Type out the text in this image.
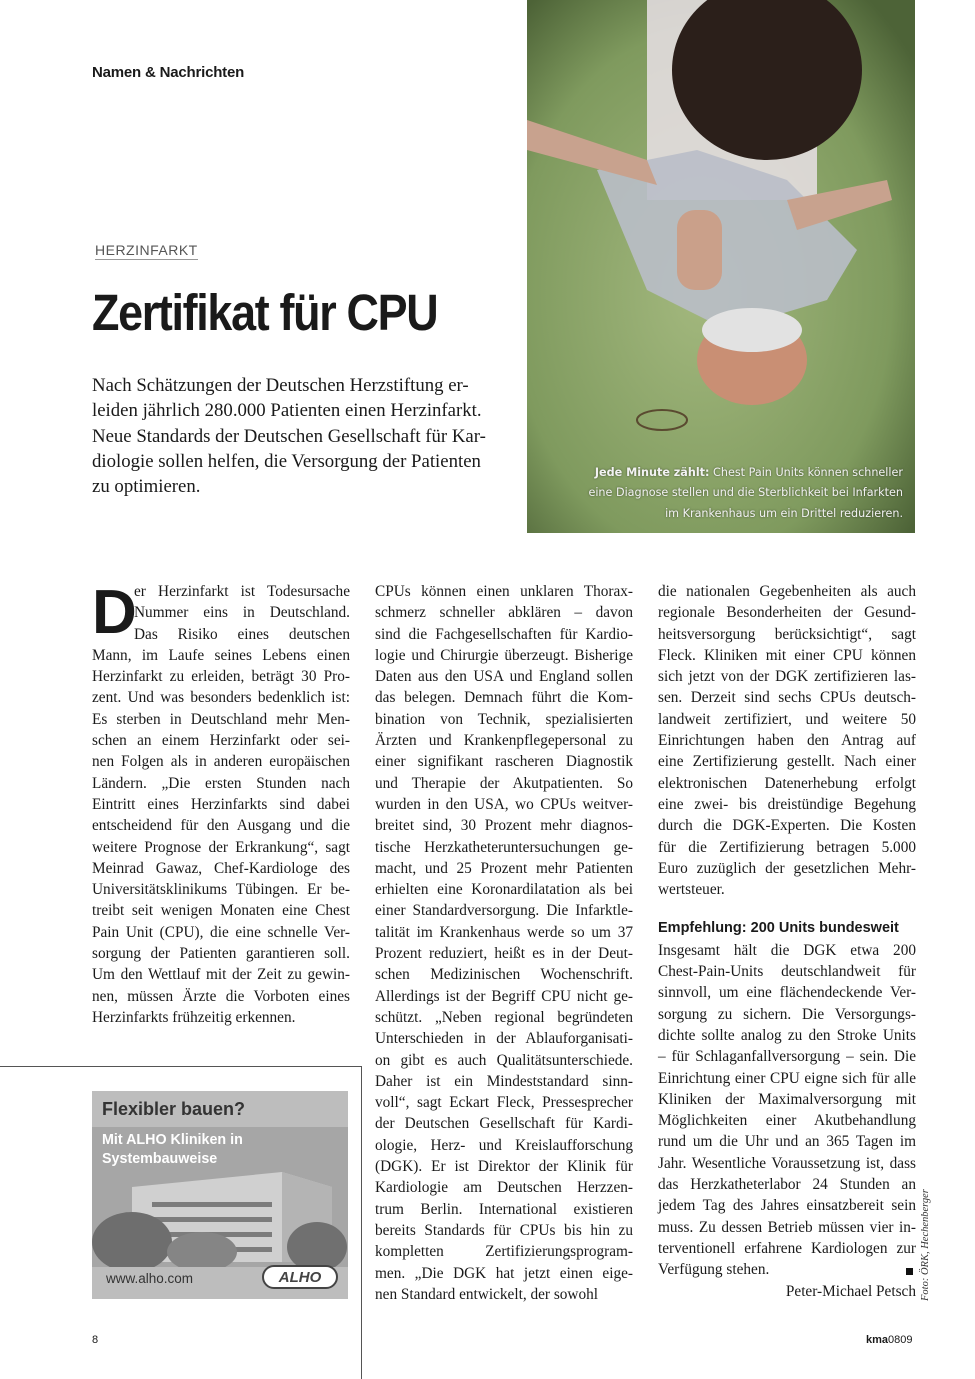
Namen & Nachrichten
Jede Minute zählt: Chest Pain Units können schneller
eine Diagnose stellen und die Sterblichkeit bei Infarkten
im Krankenhaus um ein Drittel reduzieren.
HERZINFARKT
Zertifikat für CPU

Nach Schätzungen der Deutschen Herzstiftung er-

leiden jährlich 280.000 Patienten einen Herzinfarkt.

Neue Standards der Deutschen Gesellschaft für Kar-

diologie sollen helfen, die Versorgung der Patienten

zu optimieren.

D

er Herzinfarkt ist Todesursache

Nummer eins in Deutschland.

Das Risiko eines deutschen

Mann, im Laufe seines Lebens einen

Herzinfarkt zu erleiden, beträgt 30 Pro-

zent. Und was besonders bedenklich ist:

Es sterben in Deutschland mehr Men-

schen an einem Herzinfarkt oder sei-

nen Folgen als in anderen europäischen

Ländern. „Die ersten Stunden nach

Eintritt eines Herzinfarkts sind dabei

entscheidend für den Ausgang und die

weitere Prognose der Erkrankung“, sagt

Meinrad Gawaz, Chef-Kardiologe des

Universitätsklinikums Tübingen. Er be-

treibt seit wenigen Monaten eine Chest

Pain Unit (CPU), die eine schnelle Ver-

sorgung der Patienten garantieren soll.

Um den Wettlauf mit der Zeit zu gewin-

nen, müssen Ärzte die Vorboten eines

Herzinfarkts frühzeitig erkennen.

CPUs können einen unklaren Thorax-

schmerz schneller abklären – davon

sind die Fachgesellschaften für Kardio-

logie und Chirurgie überzeugt. Bisherige

Daten aus den USA und England sollen

das belegen. Demnach führt die Kom-

bination von Technik, spezialisierten

Ärzten und Krankenpflegepersonal zu

einer signifikant rascheren Diagnostik

und Therapie der Akutpatienten. So

wurden in den USA, wo CPUs weitver-

breitet sind, 30 Prozent mehr diagnos-

tische Herzkatheteruntersuchungen ge-

macht, und 25 Prozent mehr Patienten

erhielten eine Koronardilatation als bei

einer Standardversorgung. Die Infarktle-

talität im Krankenhaus werde so um 37

Prozent reduziert, heißt es in der Deut-

schen Medizinischen Wochenschrift.

Allerdings ist der Begriff CPU nicht ge-

schützt. „Neben regional begründeten

Unterschieden in der Ablauforganisati-

on gibt es auch Qualitätsunterschiede.

Daher ist ein Mindeststandard sinn-

voll“, sagt Eckart Fleck, Pressesprecher

der Deutschen Gesellschaft für Kardi-

ologie, Herz- und Kreislaufforschung

(DGK). Er ist Direktor der Klinik für

Kardiologie am Deutschen Herzzen-

trum Berlin. International existieren

bereits Standards für CPUs bis hin zu

kompletten Zertifizierungsprogram-

men. „Die DGK hat jetzt einen eige-

nen Standard entwickelt, der sowohl

die nationalen Gegebenheiten als auch

regionale Besonderheiten der Gesund-

heitsversorgung berücksichtigt“, sagt

Fleck. Kliniken mit einer CPU können

sich jetzt von der DGK zertifizieren las-

sen. Derzeit sind sechs CPUs deutsch-

landweit zertifiziert, und weitere 50

Einrichtungen haben den Antrag auf

eine Zertifizierung gestellt. Nach einer

elektronischen Datenerhebung erfolgt

eine zwei- bis dreistündige Begehung

durch die DGK-Experten. Die Kosten

für die Zertifizierung betragen 5.000

Euro zuzüglich der gesetzlichen Mehr-

wertsteuer.

Empfehlung: 200 Units bundesweit

Insgesamt hält die DGK etwa 200

Chest-Pain-Units deutschlandweit für

sinnvoll, um eine flächendeckende Ver-

sorgung zu sichern. Die Versorgungs-

dichte sollte analog zu den Stroke Units

– für Schlaganfallversorgung – sein. Die

Einrichtung einer CPU eigne sich für alle

Kliniken der Maximalversorgung mit

Möglichkeiten einer Akutbehandlung

rund um die Uhr und an 365 Tagen im

Jahr. Wesentliche Voraussetzung ist, dass

das Herzkatheterlabor 24 Stunden an

jedem Tag des Jahres einsatzbereit sein

muss. Zu dessen Betrieb müssen vier in-

terventionell erfahrene Kardiologen zur

Verfügung stehen.

Peter-Michael Petsch

Flexibler bauen?

Mit ALHO Kliniken in

Systembauweise

www.alho.com	ALHO	Foto: ÖRK, Hechenberger
8	kma0809
